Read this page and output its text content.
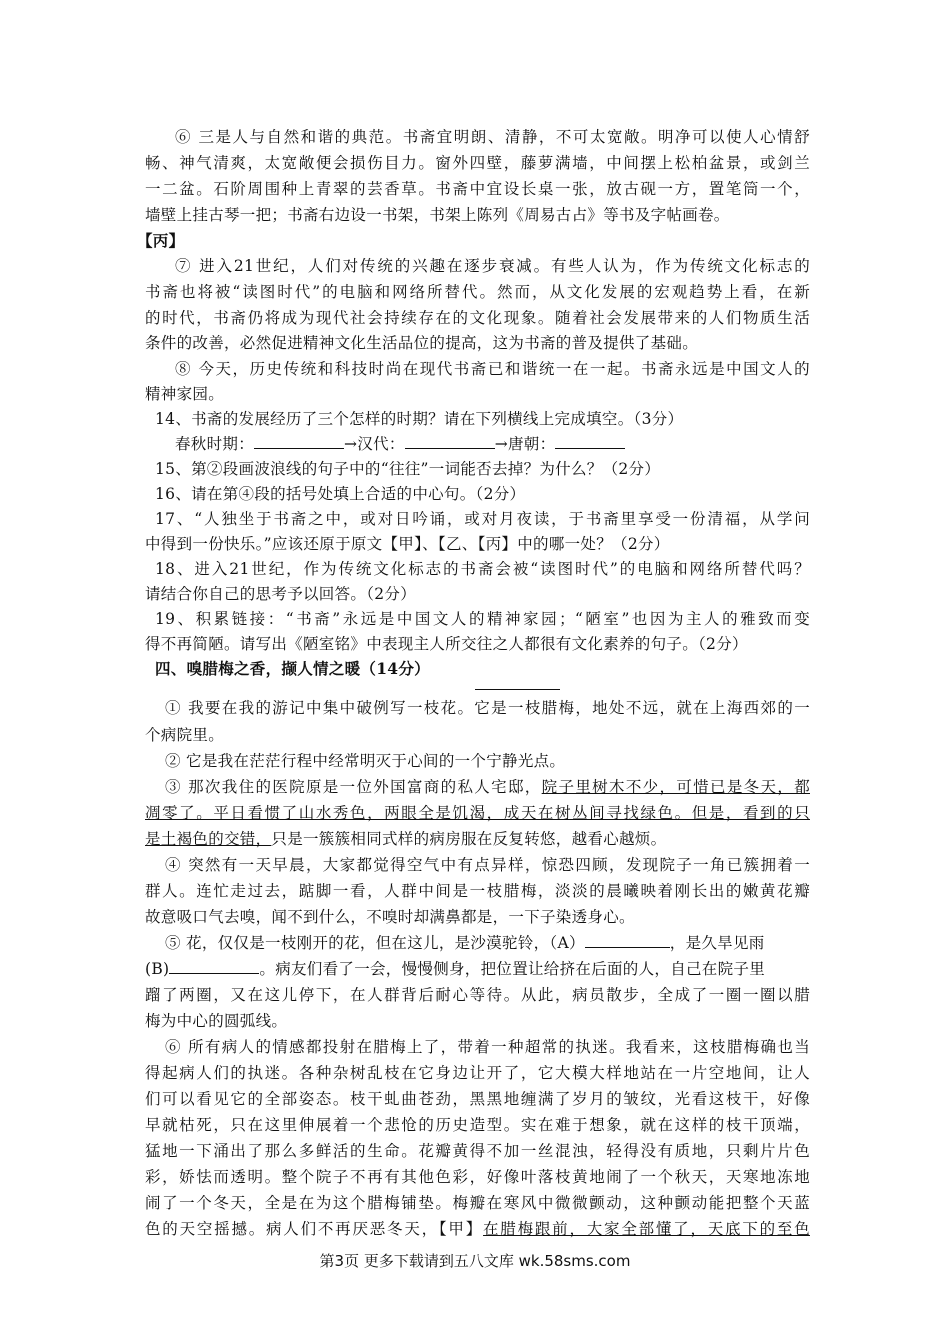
⑥ 三是人与自然和谐的典范。书斋宜明朗、清静，不可太宽敞。明净可以使人心情舒
畅、神气清爽，太宽敞便会损伤目力。窗外四壁，藤萝满墙，中间摆上松柏盆景，或剑兰
一二盆。石阶周围种上青翠的芸香草。书斋中宜设长桌一张，放古砚一方，置笔筒一个，
墙壁上挂古琴一把；书斋右边设一书架，书架上陈列《周易古占》等书及字帖画卷。
【丙】
⑦ 进入21世纪，人们对传统的兴趣在逐步衰减。有些人认为，作为传统文化标志的
书斋也将被“读图时代”的电脑和网络所替代。然而，从文化发展的宏观趋势上看，在新
的时代，书斋仍将成为现代社会持续存在的文化现象。随着社会发展带来的人们物质生活
条件的改善，必然促进精神文化生活品位的提高，这为书斋的普及提供了基础。
⑧ 今天，历史传统和科技时尚在现代书斋已和谐统一在一起。书斋永远是中国文人的
精神家园。
14、书斋的发展经历了三个怎样的时期？请在下列横线上完成填空。（3分）
春秋时期：	→汉代：	→唐朝：
15、第②段画波浪线的句子中的“往往”一词能否去掉？为什么？（2分）
16、请在第④段的括号处填上合适的中心句。（2分）
17、“人独坐于书斋之中，或对日吟诵，或对月夜读，于书斋里享受一份清福，从学问
中得到一份快乐。”应该还原于原文【甲】、【乙、【丙】中的哪一处？（2分）
18、进入21世纪，作为传统文化标志的书斋会被“读图时代”的电脑和网络所替代吗？
请结合你自己的思考予以回答。（2分）
19、积累链接：“书斋”永远是中国文人的精神家园；“陋室”也因为主人的雅致而变
得不再简陋。请写出《陋室铭》中表现主人所交往之人都很有文化素养的句子。（2分）
四、嗅腊梅之香，撷人情之暖（14分）
① 我要在我的游记中集中破例写一枝花。它是一枝腊梅，地处不远，就在上海西郊的一
个病院里。
② 它是我在茫茫行程中经常明灭于心间的一个宁静光点。
③ 那次我住的医院原是一位外国富商的私人宅邸，院子里树木不少，可惜已是冬天，都
凋零了。平日看惯了山水秀色，两眼全是饥渴，成天在树丛间寻找绿色。但是，看到的只
是土褐色的交错，只是一簇簇相同式样的病房服在反复转悠，越看心越烦。
④ 突然有一天早晨，大家都觉得空气中有点异样，惊恐四顾，发现院子一角已簇拥着一
群人。连忙走过去，踮脚一看，人群中间是一枝腊梅，淡淡的晨曦映着刚长出的嫩黄花瓣
故意吸口气去嗅，闻不到什么，不嗅时却满鼻都是，一下子染透身心。
⑤ 花，仅仅是一枝刚开的花，但在这儿，是沙漠驼铃，（A）	，是久旱见雨
(B)	。病友们看了一会，慢慢侧身，把位置让给挤在后面的人，自己在院子里
蹓了两圈，又在这儿停下，在人群背后耐心等待。从此，病员散步，全成了一圈一圈以腊
梅为中心的圆弧线。
⑥ 所有病人的情感都投射在腊梅上了，带着一种超常的执迷。我看来，这枝腊梅确也当
得起病人们的执迷。各种杂树乱枝在它身边让开了，它大模大样地站在一片空地间，让人
们可以看见它的全部姿态。枝干虬曲苍劲，黑黑地缠满了岁月的皱纹，光看这枝干，好像
早就枯死，只在这里伸展着一个悲怆的历史造型。实在难于想象，就在这样的枝干顶端，
猛地一下涌出了那么多鲜活的生命。花瓣黄得不加一丝混浊，轻得没有质地，只剩片片色
彩，娇怯而透明。整个院子不再有其他色彩，好像叶落枝黄地闹了一个秋天，天寒地冻地
闹了一个冬天，全是在为这个腊梅铺垫。梅瓣在寒风中微微颤动，这种颤动能把整个天蓝
色的天空摇撼。病人们不再厌恶冬天，【甲】在腊梅跟前，大家全部懂了，天底下的至色
第3页 更多下载请到五八文库 wk.58sms.com
